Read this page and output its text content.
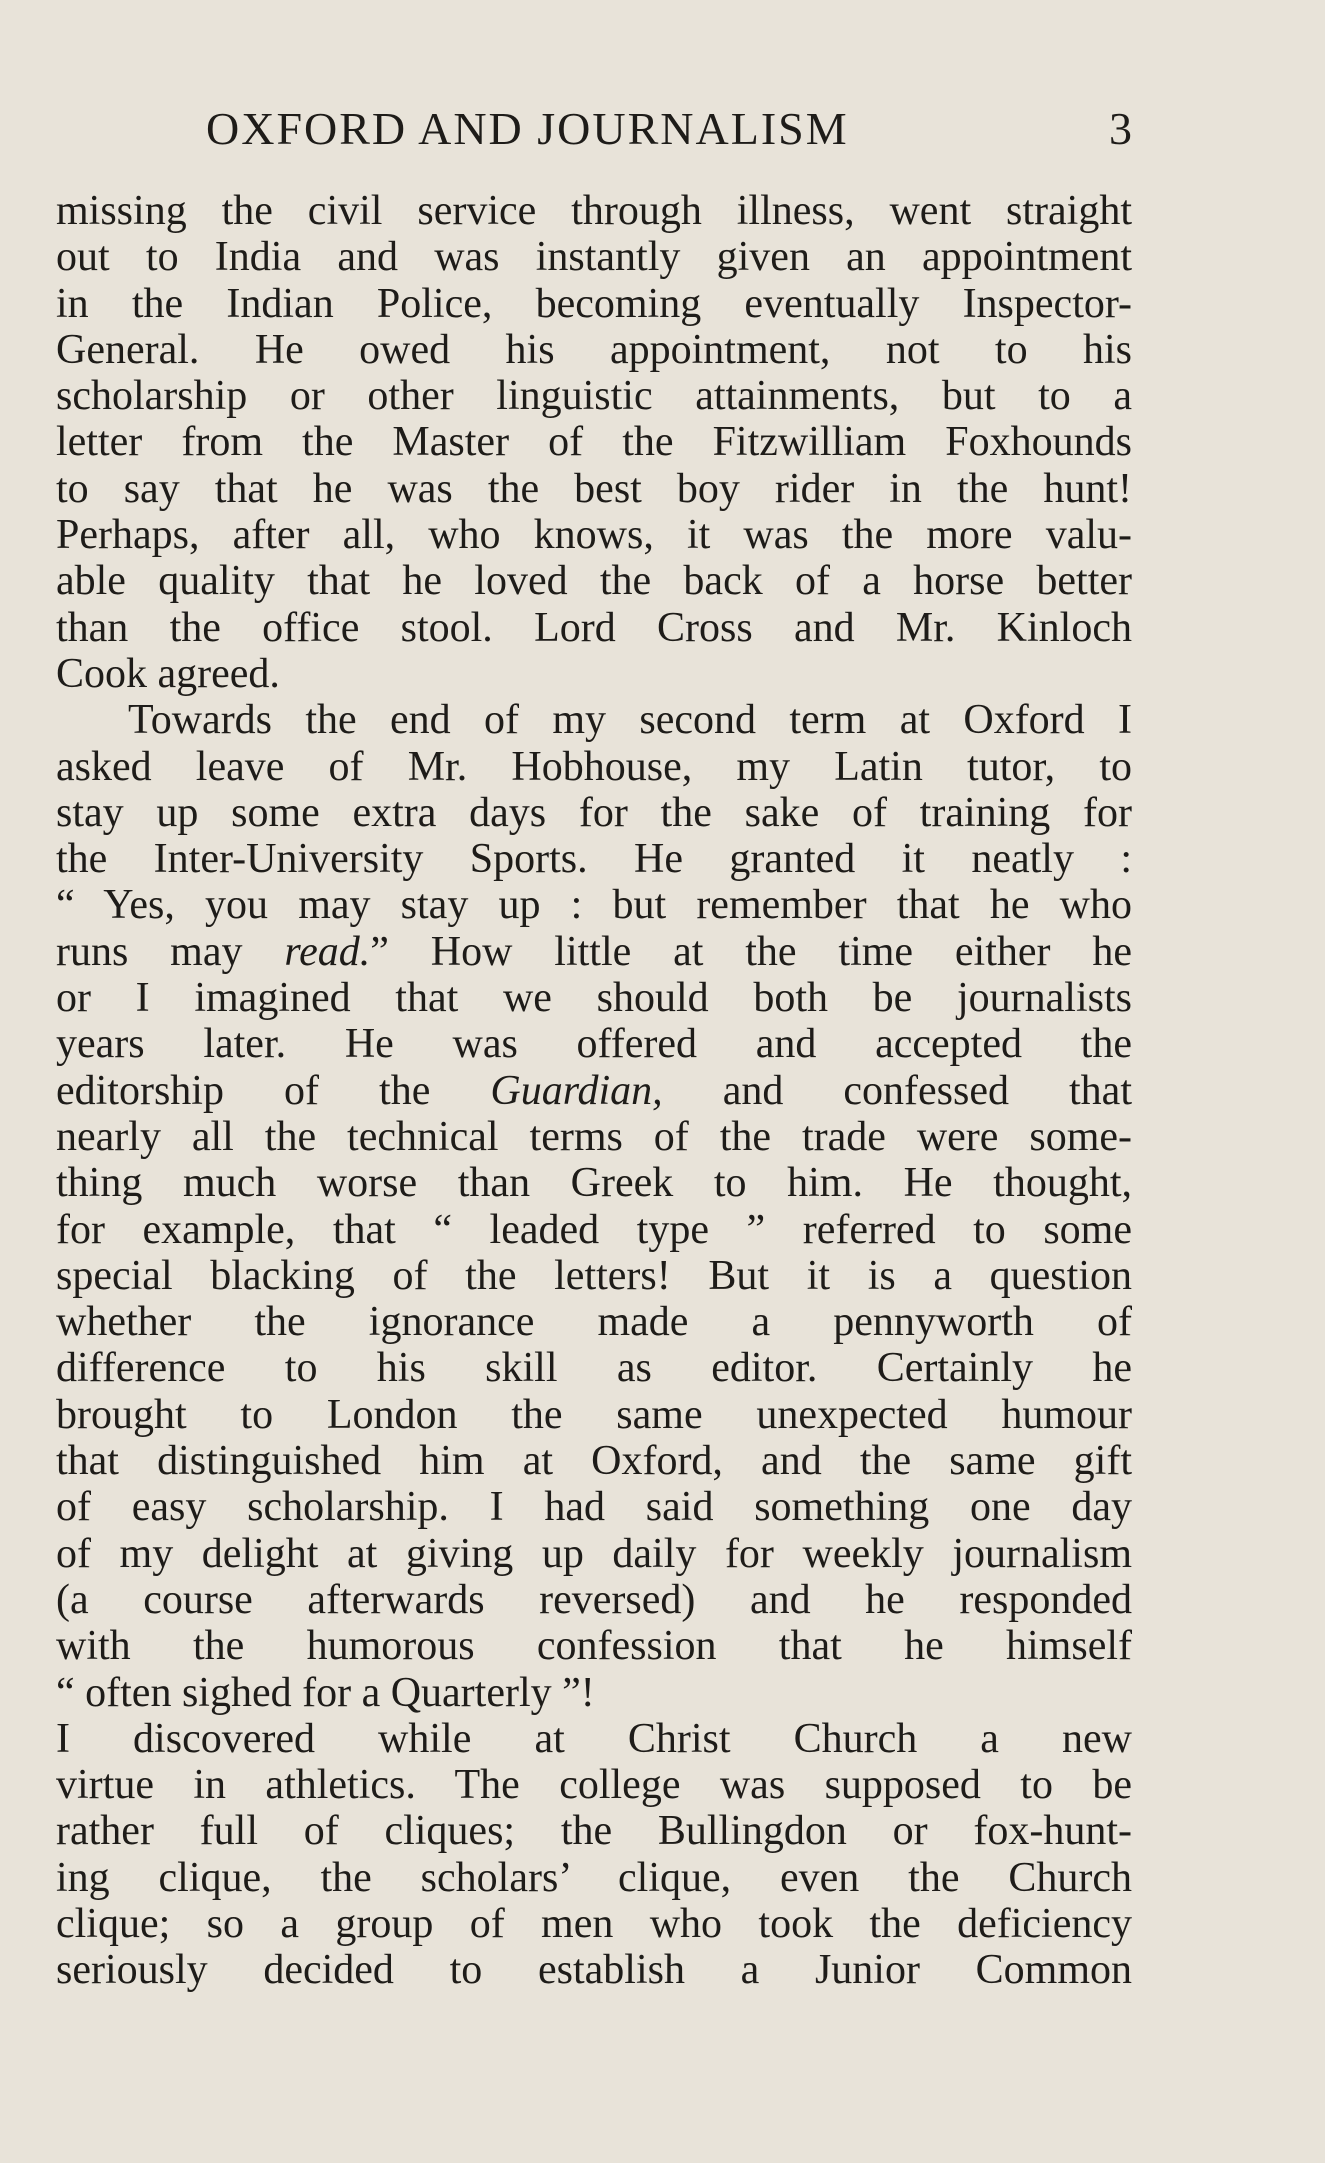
OXFORD AND JOURNALISM	3
missing the civil service through illness, went straight
out to India and was instantly given an appointment
in the Indian Police, becoming eventually Inspector-
General. He owed his appointment, not to his
scholarship or other linguistic attainments, but to a
letter from the Master of the Fitzwilliam Foxhounds
to say that he was the best boy rider in the hunt!
Perhaps, after all, who knows, it was the more valu-
able quality that he loved the back of a horse better
than the office stool. Lord Cross and Mr. Kinloch
Cook agreed.
Towards the end of my second term at Oxford I
asked leave of Mr. Hobhouse, my Latin tutor, to
stay up some extra days for the sake of training for
the Inter-University Sports. He granted it neatly :
“ Yes, you may stay up : but remember that he who
runs may read.” How little at the time either he
or I imagined that we should both be journalists
years later. He was offered and accepted the
editorship of the Guardian, and confessed that
nearly all the technical terms of the trade were some-
thing much worse than Greek to him. He thought,
for example, that “ leaded type ” referred to some
special blacking of the letters! But it is a question
whether the ignorance made a pennyworth of
difference to his skill as editor. Certainly he
brought to London the same unexpected humour
that distinguished him at Oxford, and the same gift
of easy scholarship. I had said something one day
of my delight at giving up daily for weekly journalism
(a course afterwards reversed) and he responded
with the humorous confession that he himself
“ often sighed for a Quarterly ”!
I discovered while at Christ Church a new
virtue in athletics. The college was supposed to be
rather full of cliques; the Bullingdon or fox-hunt-
ing clique, the scholars’ clique, even the Church
clique; so a group of men who took the deficiency
seriously decided to establish a Junior Common
